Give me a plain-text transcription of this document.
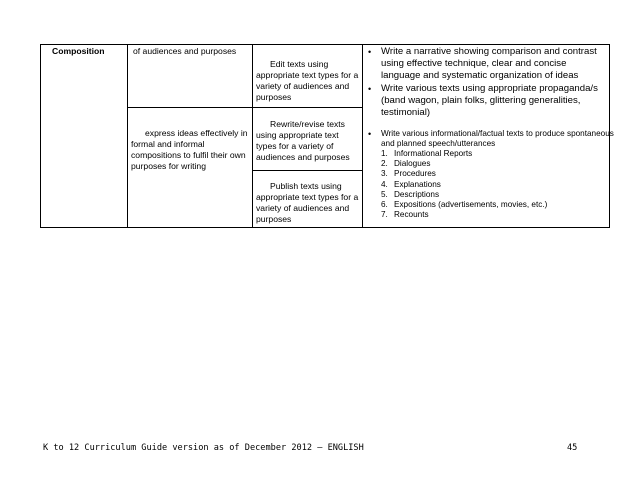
Composition	of audiences and purposes
express ideas effectively in formal and informal compositions to fulfil their own purposes for writing
Edit texts using appropriate text types for a variety of audiences and purposes
Rewrite/revise texts using appropriate text types for a variety of audiences and purposes
Publish texts using appropriate text types for a variety of audiences and purposes
• Write a narrative showing comparison and contrast using effective technique, clear and concise language and systematic organization of ideas
• Write various texts using appropriate propaganda/s (band wagon, plain folks, glittering generalities, testimonial)
• Write various informational/factual texts to produce spontaneous and planned speech/utterances
1. Informational Reports
2. Dialogues
3. Procedures
4. Explanations
5. Descriptions
6. Expositions (advertisements, movies, etc.)
7. Recounts
K to 12 Curriculum Guide version as of December 2012 – ENGLISH	45
